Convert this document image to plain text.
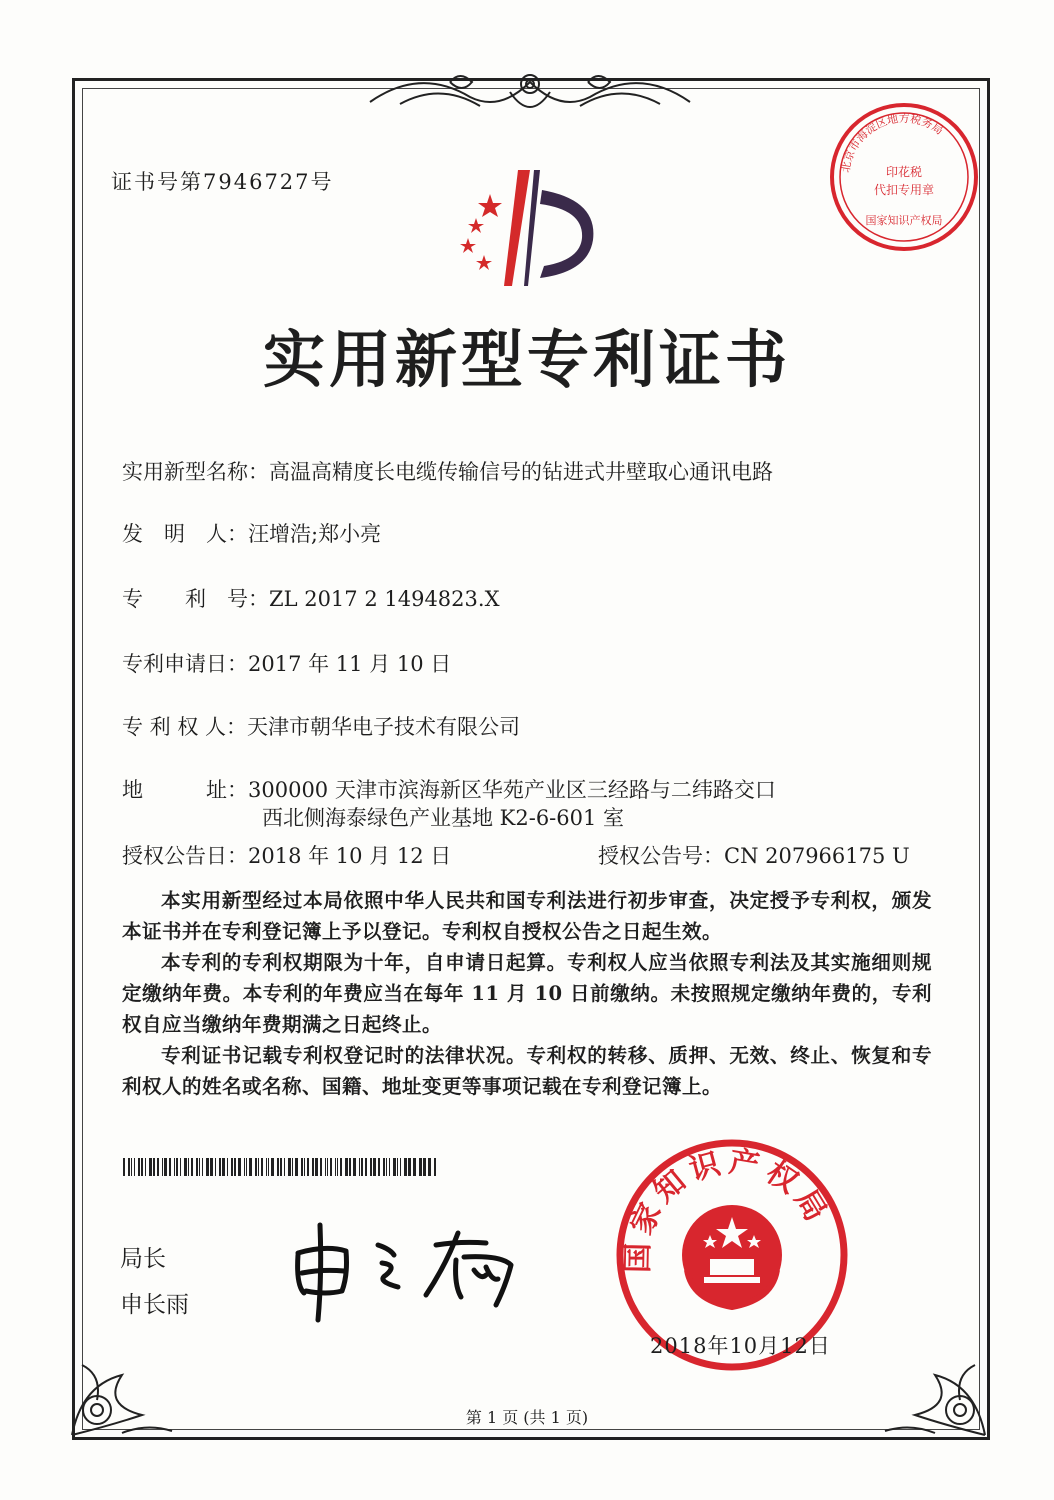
证书号第7946727号
北京市海淀区地方税务局
印花税
代扣专用章
国家知识产权局
实用新型专利证书
实用新型名称：高温高精度长电缆传输信号的钻进式井壁取心通讯电路
发　明　人：汪增浩;郑小亮
专　　利　号：ZL 2017 2 1494823.X
专利申请日：2017 年 11 月 10 日
专 利 权 人：天津市朝华电子技术有限公司
地　　　址：300000 天津市滨海新区华苑产业区三经路与二纬路交口
西北侧海泰绿色产业基地 K2-6-601 室
授权公告日：2018 年 10 月 12 日	授权公告号：CN 207966175 U
本实用新型经过本局依照中华人民共和国专利法进行初步审查，决定授予专利权，颁发本证书并在专利登记簿上予以登记。专利权自授权公告之日起生效。
本专利的专利权期限为十年，自申请日起算。专利权人应当依照专利法及其实施细则规定缴纳年费。本专利的年费应当在每年 11 月 10 日前缴纳。未按照规定缴纳年费的，专利权自应当缴纳年费期满之日起终止。
专利证书记载专利权登记时的法律状况。专利权的转移、质押、无效、终止、恢复和专利权人的姓名或名称、国籍、地址变更等事项记载在专利登记簿上。
局长
申长雨
国家知识产权局
2018年10月12日
第 1 页 (共 1 页)
